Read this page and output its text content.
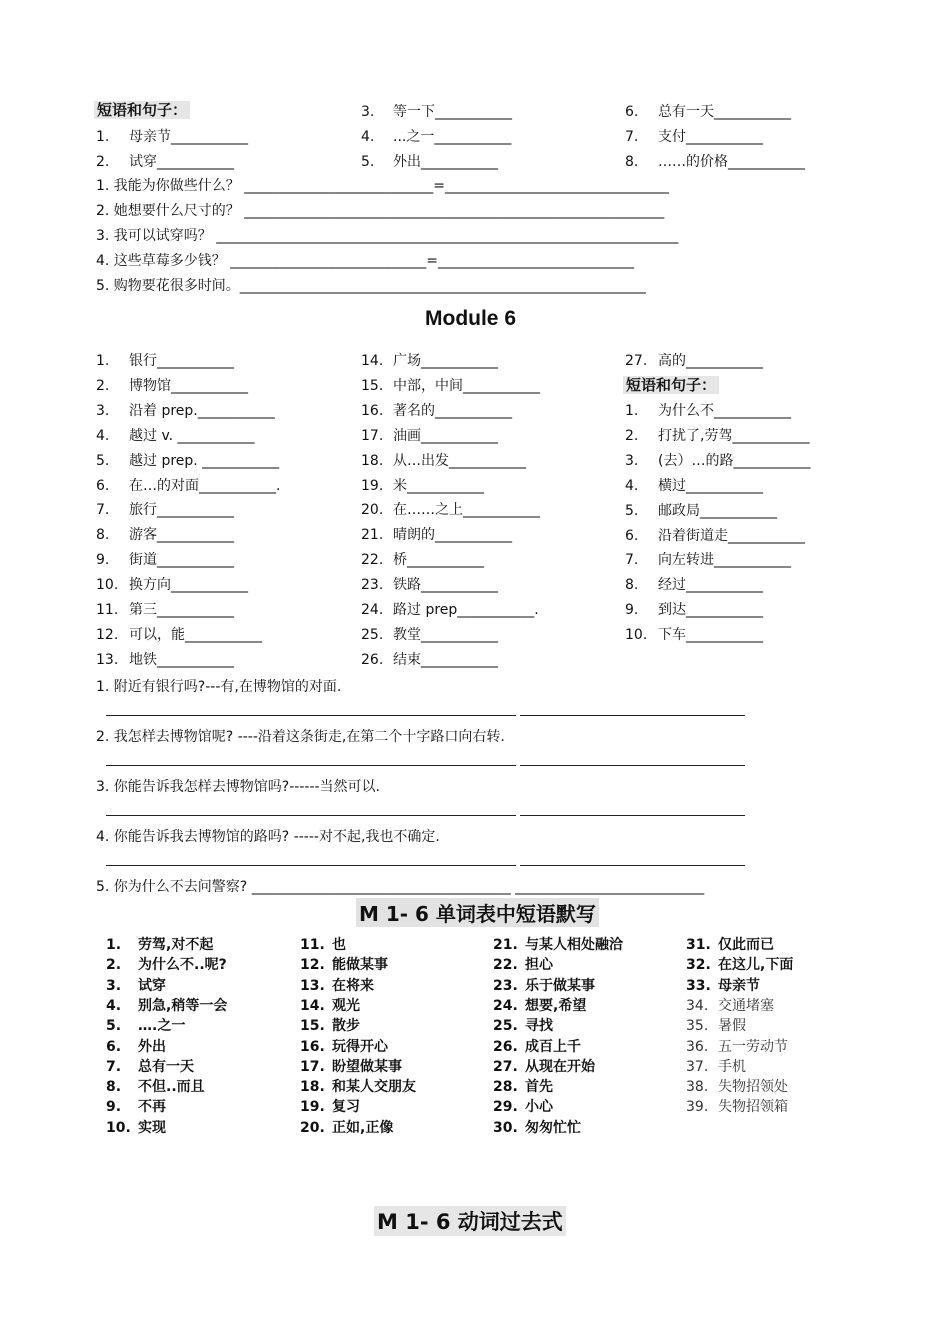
短语和句子：
1. 母亲节___________
2. 试穿___________
3. 等一下___________
4. ...之一___________
5. 外出___________
6. 总有一天___________
7. 支付___________
8. ……的价格___________
1. 我能为你做些什么？ ___________________________=________________________________
2. 她想要什么尺寸的？ ____________________________________________________________
3. 我可以试穿吗？ __________________________________________________________________
4. 这些草莓多少钱？ ____________________________=____________________________
5. 购物要花很多时间。__________________________________________________________
Module 6
1. 银行___________
2. 博物馆___________
3. 沿着 prep.___________
4. 越过 v. ___________
5. 越过 prep. ___________
6. 在…的对面___________.
7. 旅行___________
8. 游客___________
9. 街道___________
10. 换方向___________
11. 第三___________
12. 可以，能___________
13. 地铁___________
14. 广场___________
15. 中部，中间___________
16. 著名的___________
17. 油画___________
18. 从…出发___________
19. 米___________
20. 在……之上___________
21. 晴朗的___________
22. 桥___________
23. 铁路___________
24. 路过 prep___________.
25. 教堂___________
26. 结束___________
27. 高的___________
短语和句子：
1. 为什么不___________
2. 打扰了,劳驾___________
3. (去）…的路___________
4. 横过___________
5. 邮政局___________
6. 沿着街道走___________
7. 向左转进___________
8. 经过___________
9. 到达___________
10. 下车___________
1. 附近有银行吗?---有,在博物馆的对面.
2. 我怎样去博物馆呢? ----沿着这条街走,在第二个十字路口向右转.
3. 你能告诉我怎样去博物馆吗?------当然可以.
4. 你能告诉我去博物馆的路吗? -----对不起,我也不确定.
5. 你为什么不去问警察? _____________________________________ ___________________________
M 1- 6 单词表中短语默写
1. 劳驾,对不起
2. 为什么不..呢?
3. 试穿
4. 别急,稍等一会
5. ….之一
6. 外出
7. 总有一天
8. 不但..而且
9. 不再
10. 实现
11. 也
12. 能做某事
13. 在将来
14. 观光
15. 散步
16. 玩得开心
17. 盼望做某事
18. 和某人交朋友
19. 复习
20. 正如,正像
21. 与某人相处融洽
22. 担心
23. 乐于做某事
24. 想要,希望
25. 寻找
26. 成百上千
27. 从现在开始
28. 首先
29. 小心
30. 匆匆忙忙
31. 仅此而已
32. 在这儿,下面
33. 母亲节
34. 交通堵塞
35. 暑假
36. 五一劳动节
37. 手机
38. 失物招领处
39. 失物招领箱
M 1- 6 动词过去式
